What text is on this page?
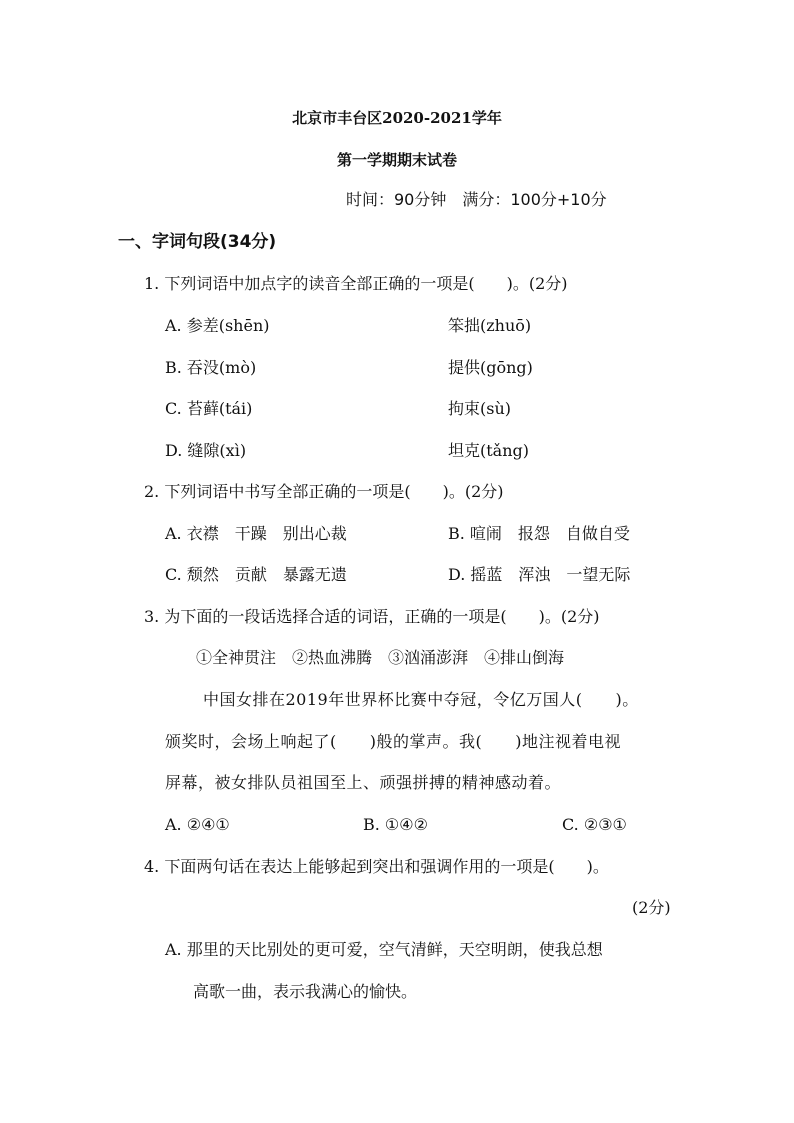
北京市丰台区2020-2021学年
第一学期期末试卷
时间：90分钟　满分：100分+10分
一、字词句段(34分)
1. 下列词语中加点字的读音全部正确的一项是(　　)。(2分)
A. 参差(shēn)	笨拙(zhuō)
B. 吞没(mò)	提供(gōng)
C. 苔藓(tái)	拘束(sù)
D. 缝隙(xì)	坦克(tǎng)
2. 下列词语中书写全部正确的一项是(　　)。(2分)
A. 衣襟　干躁　别出心裁	B. 喧闹　报怨　自做自受
C. 颓然　贡献　暴露无遗	D. 摇蓝　浑浊　一望无际
3. 为下面的一段话选择合适的词语，正确的一项是(　　)。(2分)
①全神贯注　②热血沸腾　③汹涌澎湃　④排山倒海
中国女排在2019年世界杯比赛中夺冠，令亿万国人(　　)。
颁奖时，会场上响起了(　　)般的掌声。我(　　)地注视着电视
屏幕，被女排队员祖国至上、顽强拼搏的精神感动着。
A. ②④①	B. ①④②	C. ②③①
4. 下面两句话在表达上能够起到突出和强调作用的一项是(　　)。
(2分)
A. 那里的天比别处的更可爱，空气清鲜，天空明朗，使我总想
高歌一曲，表示我满心的愉快。
